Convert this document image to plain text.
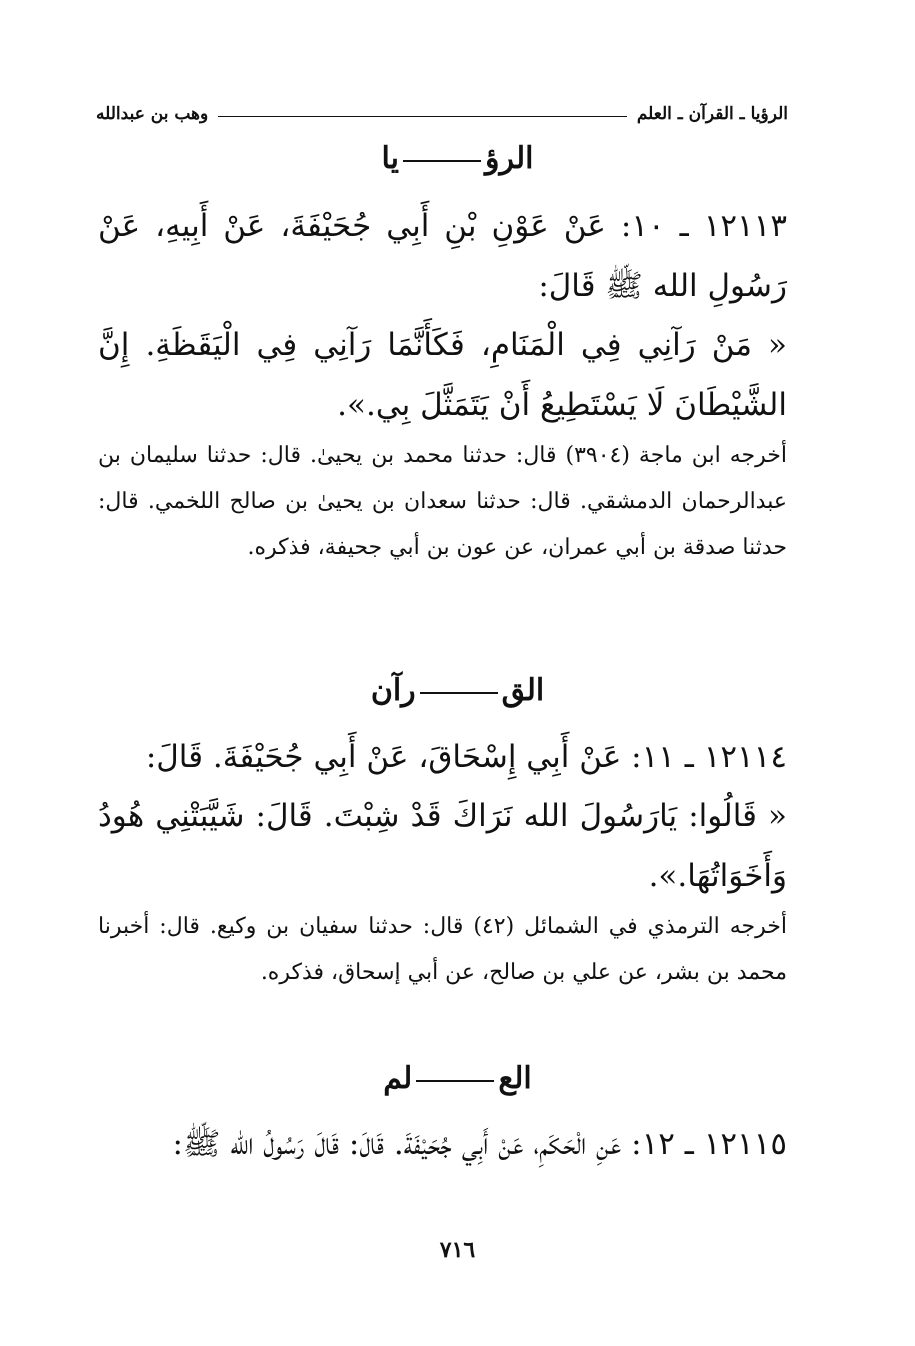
الرؤيا ـ القرآن ـ العلم
وهب بن عبدالله
الرؤيا

١٢١١٣ ـ ١٠: عَنْ عَوْنِ بْنِ أَبِي جُحَيْفَةَ، عَنْ أَبِيهِ، عَنْ رَسُولِ الله ﷺ قَالَ:

« مَنْ رَآنِي فِي الْمَنَامِ، فَكَأَنَّمَا رَآنِي فِي الْيَقَظَةِ. إِنَّ الشَّيْطَانَ لَا يَسْتَطِيعُ أَنْ يَتَمَثَّلَ بِي.».

أخرجه ابن ماجة (٣٩٠٤) قال: حدثنا محمد بن يحيىٰ. قال: حدثنا سليمان بن عبدالرحمان الدمشقي. قال: حدثنا سعدان بن يحيىٰ بن صالح اللخمي. قال: حدثنا صدقة بن أبي عمران، عن عون بن أبي جحيفة، فذكره.

القرآن

١٢١١٤ ـ ١١: عَنْ أَبِي إِسْحَاقَ، عَنْ أَبِي جُحَيْفَةَ. قَالَ:

« قَالُوا: يَارَسُولَ الله نَرَاكَ قَدْ شِبْتَ. قَالَ: شَيَّبَتْنِي هُودُ وَأَخَوَاتُهَا.».

أخرجه الترمذي في الشمائل (٤٢) قال: حدثنا سفيان بن وكيع. قال: أخبرنا محمد بن بشر، عن علي بن صالح، عن أبي إسحاق، فذكره.

العلم

١٢١١٥ ـ ١٢: عَنِ الْحَكَمِ، عَنْ أَبِي جُحَيْفَةَ. قَالَ: قَالَ رَسُولُ الله ﷺ:

٧١٦
